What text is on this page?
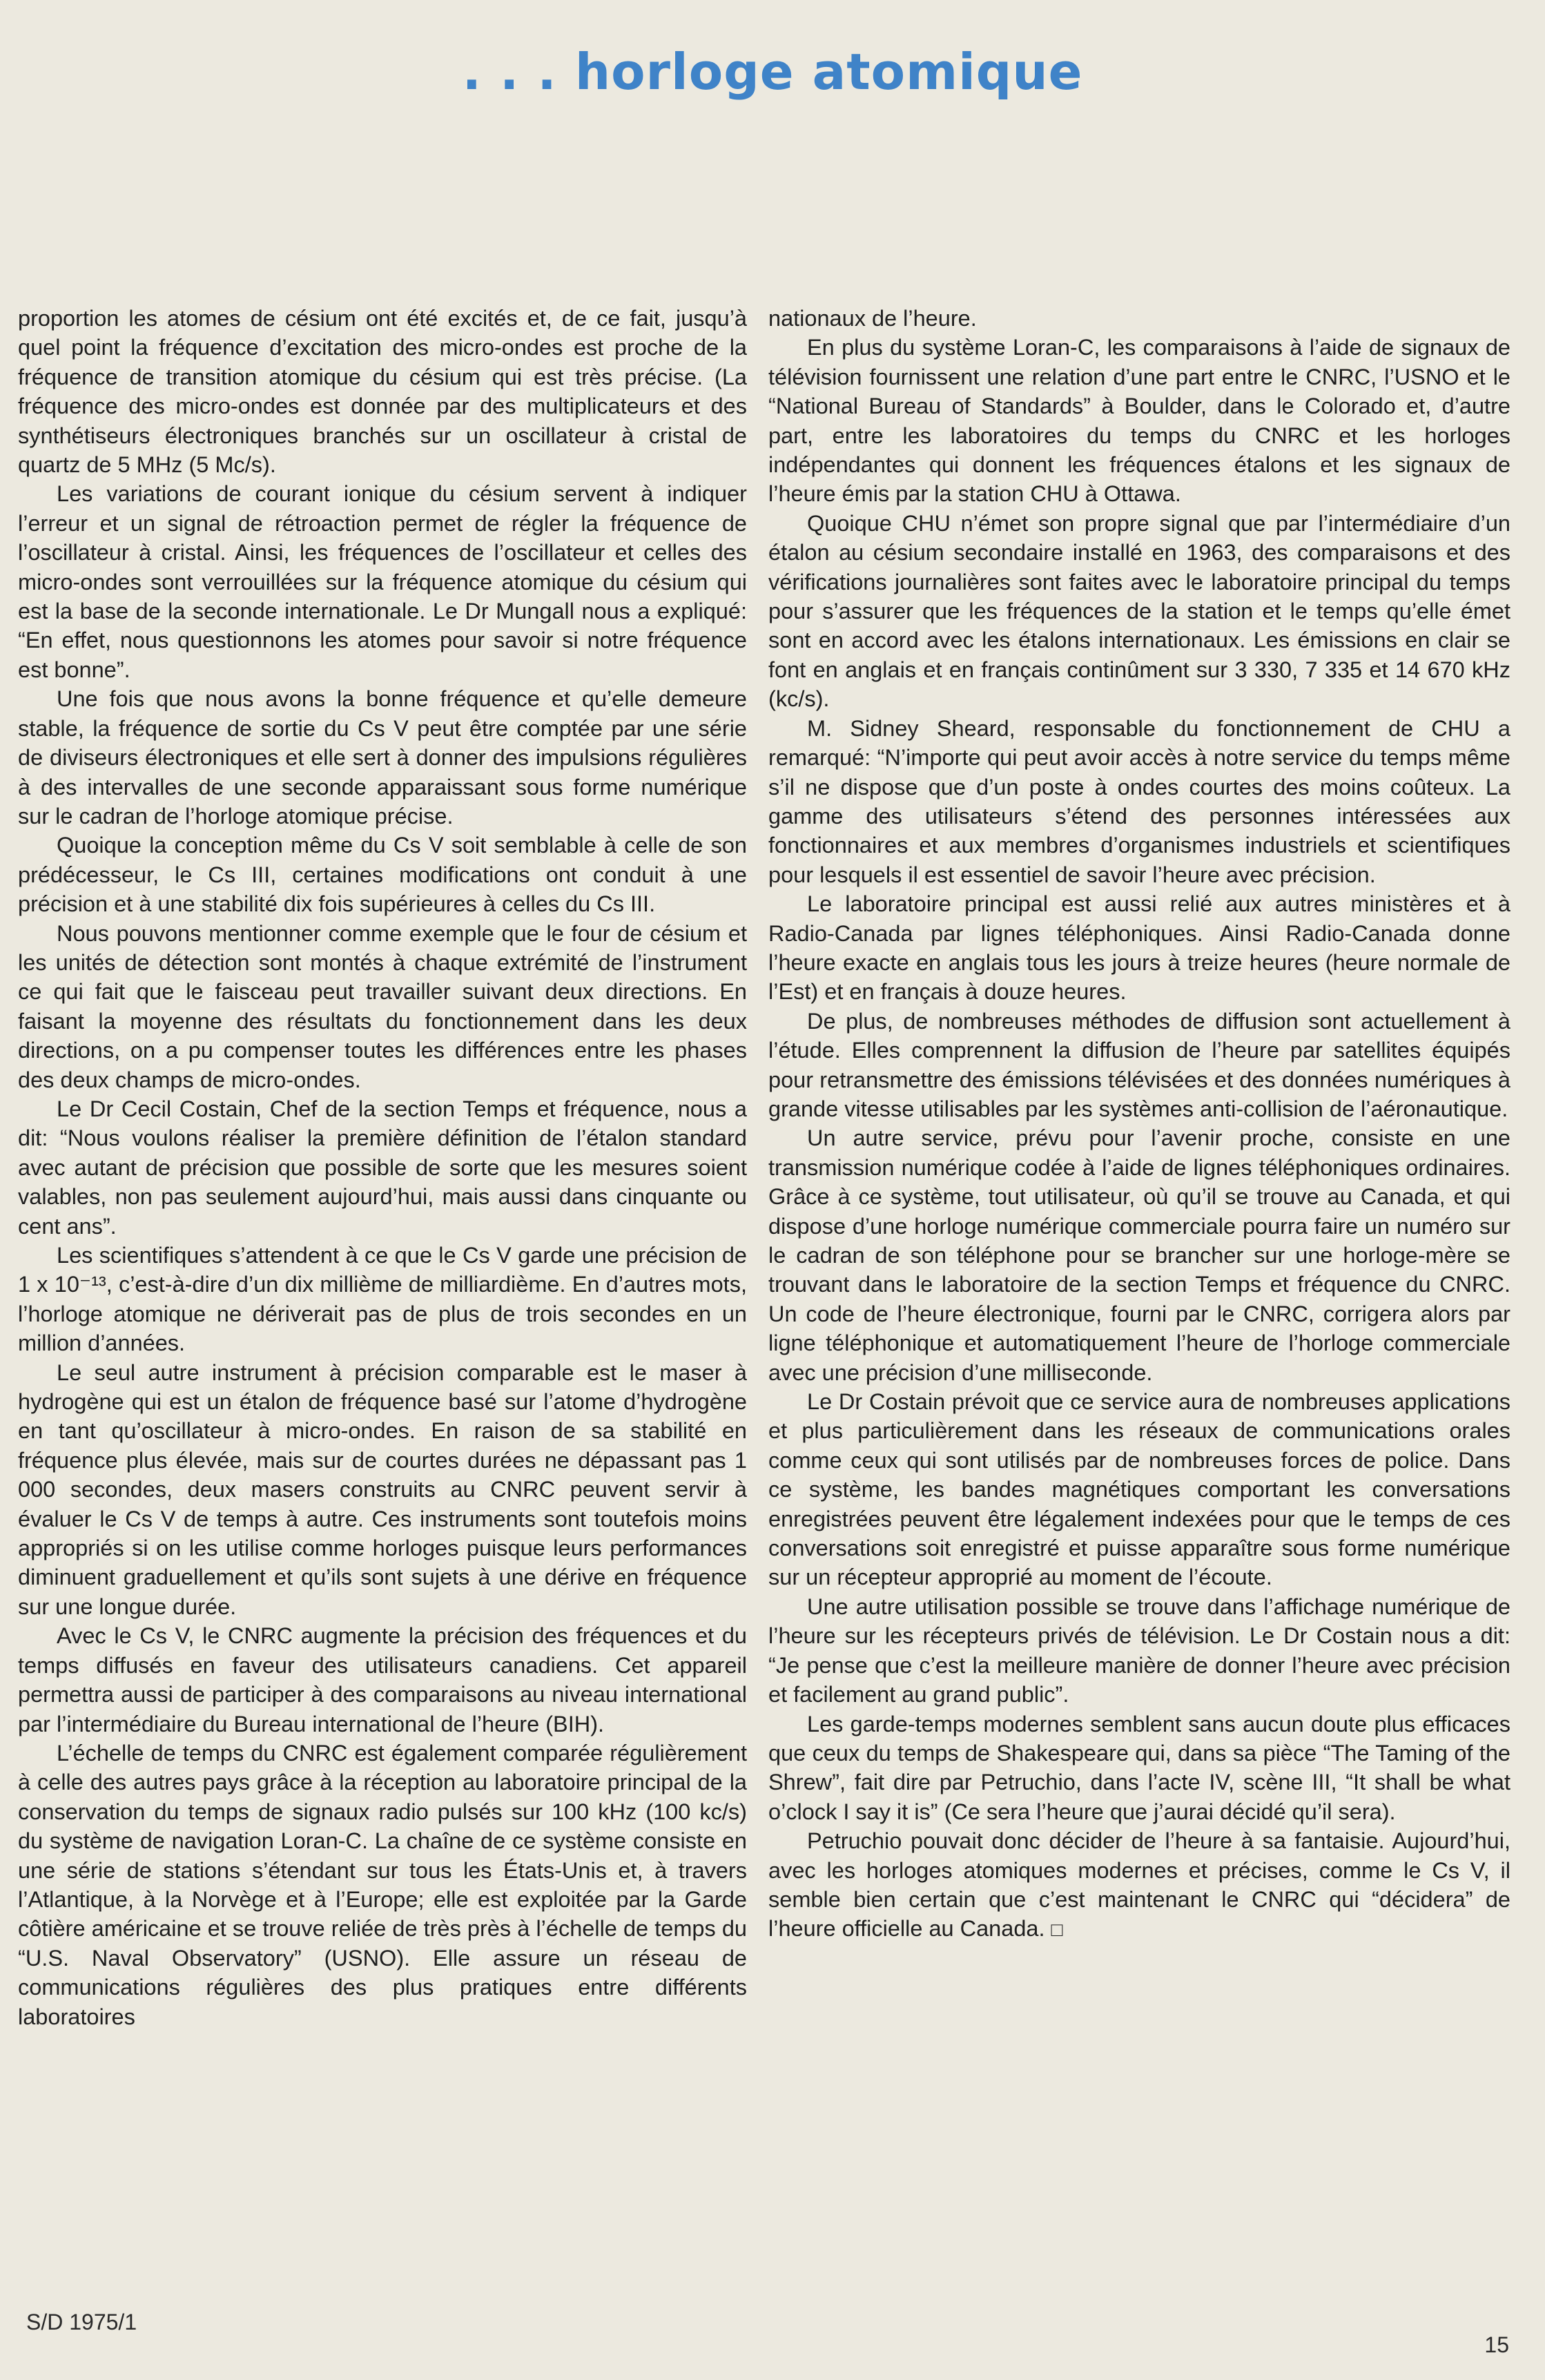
. . . horloge atomique

proportion les atomes de césium ont été excités et, de ce fait, jusqu’à quel point la fréquence d’excitation des micro-ondes est proche de la fréquence de transition atomique du césium qui est très précise. (La fréquence des micro-ondes est donnée par des multiplicateurs et des synthétiseurs électroniques branchés sur un oscillateur à cristal de quartz de 5 MHz (5 Mc/s).

Les variations de courant ionique du césium servent à indiquer l’erreur et un signal de rétroaction permet de régler la fréquence de l’oscillateur à cristal. Ainsi, les fréquences de l’oscillateur et celles des micro-ondes sont verrouillées sur la fréquence atomique du césium qui est la base de la seconde internationale. Le Dr Mungall nous a expliqué: “En effet, nous questionnons les atomes pour savoir si notre fréquence est bonne”.

Une fois que nous avons la bonne fréquence et qu’elle demeure stable, la fréquence de sortie du Cs V peut être comptée par une série de diviseurs électroniques et elle sert à donner des impulsions régulières à des intervalles de une seconde apparaissant sous forme numérique sur le cadran de l’horloge atomique précise.

Quoique la conception même du Cs V soit semblable à celle de son prédécesseur, le Cs III, certaines modifications ont conduit à une précision et à une stabilité dix fois supérieures à celles du Cs III.

Nous pouvons mentionner comme exemple que le four de césium et les unités de détection sont montés à chaque extrémité de l’instrument ce qui fait que le faisceau peut travailler suivant deux directions. En faisant la moyenne des résultats du fonctionnement dans les deux directions, on a pu compenser toutes les différences entre les phases des deux champs de micro-ondes.

Le Dr Cecil Costain, Chef de la section Temps et fréquence, nous a dit: “Nous voulons réaliser la première définition de l’étalon standard avec autant de précision que possible de sorte que les mesures soient valables, non pas seulement aujourd’hui, mais aussi dans cinquante ou cent ans”.

Les scientifiques s’attendent à ce que le Cs V garde une précision de 1 x 10⁻¹³, c’est-à-dire d’un dix millième de milliardième. En d’autres mots, l’horloge atomique ne dériverait pas de plus de trois secondes en un million d’années.

Le seul autre instrument à précision comparable est le maser à hydrogène qui est un étalon de fréquence basé sur l’atome d’hydrogène en tant qu’oscillateur à micro-ondes. En raison de sa stabilité en fréquence plus élevée, mais sur de courtes durées ne dépassant pas 1 000 secondes, deux masers construits au CNRC peuvent servir à évaluer le Cs V de temps à autre. Ces instruments sont toutefois moins appropriés si on les utilise comme horloges puisque leurs performances diminuent graduellement et qu’ils sont sujets à une dérive en fréquence sur une longue durée.

Avec le Cs V, le CNRC augmente la précision des fréquences et du temps diffusés en faveur des utilisateurs canadiens. Cet appareil permettra aussi de participer à des comparaisons au niveau international par l’intermédiaire du Bureau international de l’heure (BIH).

L’échelle de temps du CNRC est également comparée régulièrement à celle des autres pays grâce à la réception au laboratoire principal de la conservation du temps de signaux radio pulsés sur 100 kHz (100 kc/s) du système de navigation Loran-C. La chaîne de ce système consiste en une série de stations s’étendant sur tous les États-Unis et, à travers l’Atlantique, à la Norvège et à l’Europe; elle est exploitée par la Garde côtière américaine et se trouve reliée de très près à l’échelle de temps du “U.S. Naval Observatory” (USNO). Elle assure un réseau de communications régulières des plus pratiques entre différents laboratoires

nationaux de l’heure.

En plus du système Loran-C, les comparaisons à l’aide de signaux de télévision fournissent une relation d’une part entre le CNRC, l’USNO et le “National Bureau of Standards” à Boulder, dans le Colorado et, d’autre part, entre les laboratoires du temps du CNRC et les horloges indépendantes qui donnent les fréquences étalons et les signaux de l’heure émis par la station CHU à Ottawa.

Quoique CHU n’émet son propre signal que par l’intermédiaire d’un étalon au césium secondaire installé en 1963, des comparaisons et des vérifications journalières sont faites avec le laboratoire principal du temps pour s’assurer que les fréquences de la station et le temps qu’elle émet sont en accord avec les étalons internationaux. Les émissions en clair se font en anglais et en français continûment sur 3 330, 7 335 et 14 670 kHz (kc/s).

M. Sidney Sheard, responsable du fonctionnement de CHU a remarqué: “N’importe qui peut avoir accès à notre service du temps même s’il ne dispose que d’un poste à ondes courtes des moins coûteux. La gamme des utilisateurs s’étend des personnes intéressées aux fonctionnaires et aux membres d’organismes industriels et scientifiques pour lesquels il est essentiel de savoir l’heure avec précision.

Le laboratoire principal est aussi relié aux autres ministères et à Radio-Canada par lignes téléphoniques. Ainsi Radio-Canada donne l’heure exacte en anglais tous les jours à treize heures (heure normale de l’Est) et en français à douze heures.

De plus, de nombreuses méthodes de diffusion sont actuellement à l’étude. Elles comprennent la diffusion de l’heure par satellites équipés pour retransmettre des émissions télévisées et des données numériques à grande vitesse utilisables par les systèmes anti-collision de l’aéronautique.

Un autre service, prévu pour l’avenir proche, consiste en une transmission numérique codée à l’aide de lignes téléphoniques ordinaires. Grâce à ce système, tout utilisateur, où qu’il se trouve au Canada, et qui dispose d’une horloge numérique commerciale pourra faire un numéro sur le cadran de son téléphone pour se brancher sur une horloge-mère se trouvant dans le laboratoire de la section Temps et fréquence du CNRC. Un code de l’heure électronique, fourni par le CNRC, corrigera alors par ligne téléphonique et automatiquement l’heure de l’horloge commerciale avec une précision d’une milliseconde.

Le Dr Costain prévoit que ce service aura de nombreuses applications et plus particulièrement dans les réseaux de communications orales comme ceux qui sont utilisés par de nombreuses forces de police. Dans ce système, les bandes magnétiques comportant les conversations enregistrées peuvent être légalement indexées pour que le temps de ces conversations soit enregistré et puisse apparaître sous forme numérique sur un récepteur approprié au moment de l’écoute.

Une autre utilisation possible se trouve dans l’affichage numérique de l’heure sur les récepteurs privés de télévision. Le Dr Costain nous a dit: “Je pense que c’est la meilleure manière de donner l’heure avec précision et facilement au grand public”.

Les garde-temps modernes semblent sans aucun doute plus efficaces que ceux du temps de Shakespeare qui, dans sa pièce “The Taming of the Shrew”, fait dire par Petruchio, dans l’acte IV, scène III, “It shall be what o’clock I say it is” (Ce sera l’heure que j’aurai décidé qu’il sera).

Petruchio pouvait donc décider de l’heure à sa fantaisie. Aujourd’hui, avec les horloges atomiques modernes et précises, comme le Cs V, il semble bien certain que c’est maintenant le CNRC qui “décidera” de l’heure officielle au Canada. □

S/D 1975/1
15
